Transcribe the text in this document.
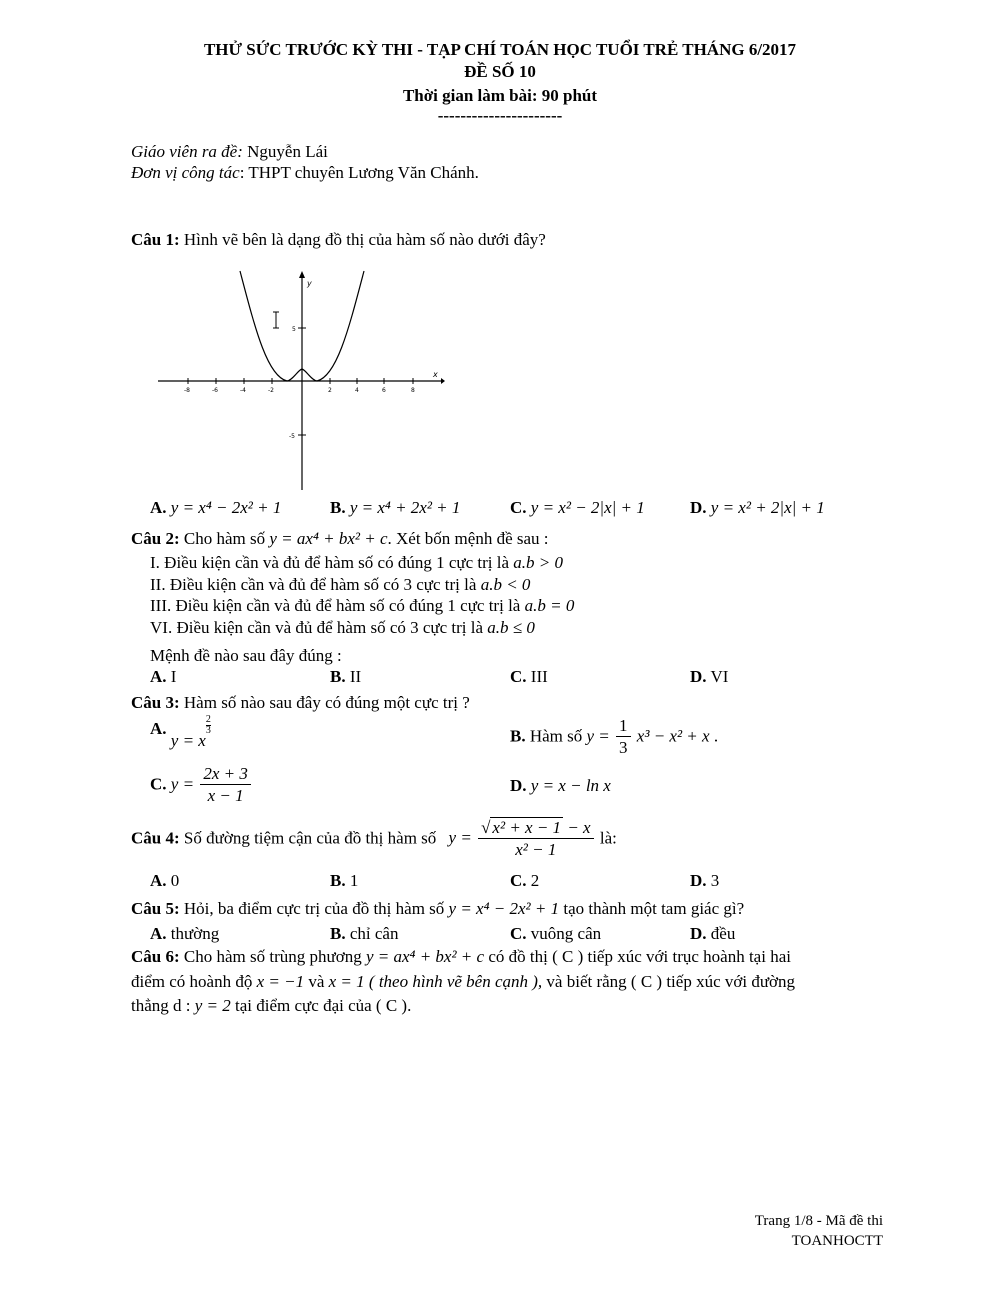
THỬ SỨC TRƯỚC KỲ THI - TẠP CHÍ TOÁN HỌC TUỔI TRẺ THÁNG 6/2017
ĐỀ SỐ 10
Thời gian làm bài: 90 phút
----------------------
Giáo viên ra đề: Nguyễn Lái
Đơn vị công tác: THPT chuyên Lương Văn Chánh.
Câu 1: Hình vẽ bên là dạng đồ thị của hàm số nào dưới đây?
-8	-6	-4	-2	2	4	6	8
5
-5
y
x
A. y = x⁴ − 2x² + 1	B. y = x⁴ + 2x² + 1	C. y = x² − 2|x| + 1	D. y = x² + 2|x| + 1
Câu 2: Cho hàm số y = ax⁴ + bx² + c. Xét bốn mệnh đề sau :
I. Điều kiện cần và đủ để hàm số có đúng 1 cực trị là a.b > 0
II. Điều kiện cần và đủ để hàm số có 3 cực trị là a.b < 0
III. Điều kiện cần và đủ để hàm số có đúng 1 cực trị là a.b = 0
VI. Điều kiện cần và đủ để hàm số có 3 cực trị là a.b ≤ 0
Mệnh đề nào sau đây đúng :
A. I	B. II	C. III	D. VI
Câu 3: Hàm số nào sau đây có đúng một cực trị ?
A. y = x
$\frac{2}{3}$	B. Hàm số $y = \frac{1}{3} x^3 - x^2 + x$ .
C. $y = \frac{2x + 3}{x - 1}$	D. y = x − ln x
Câu 4: Số đường tiệm cận của đồ thị hàm số $y = \frac{\text{√ x² + x − 1 − x}}{\text{x² − 1}}$ là:
A. 0	B. 1	C. 2	D. 3
Câu 5: Hỏi, ba điểm cực trị của đồ thị hàm số y = x⁴ − 2x² + 1 tạo thành một tam giác gì?
A. thường	B. chỉ cân	C. vuông cân	D. đều
Câu 6: Cho hàm số trùng phương y = ax⁴ + bx² + c có đồ thị ( C ) tiếp xúc với trục hoành tại hai
điểm có hoành độ x = −1 và x = 1 ( theo hình vẽ bên cạnh ), và biết rằng ( C ) tiếp xúc với đường
thẳng d : y = 2 tại điểm cực đại của ( C ).
Trang 1/8 - Mã đề thi
TOANHOCTT
